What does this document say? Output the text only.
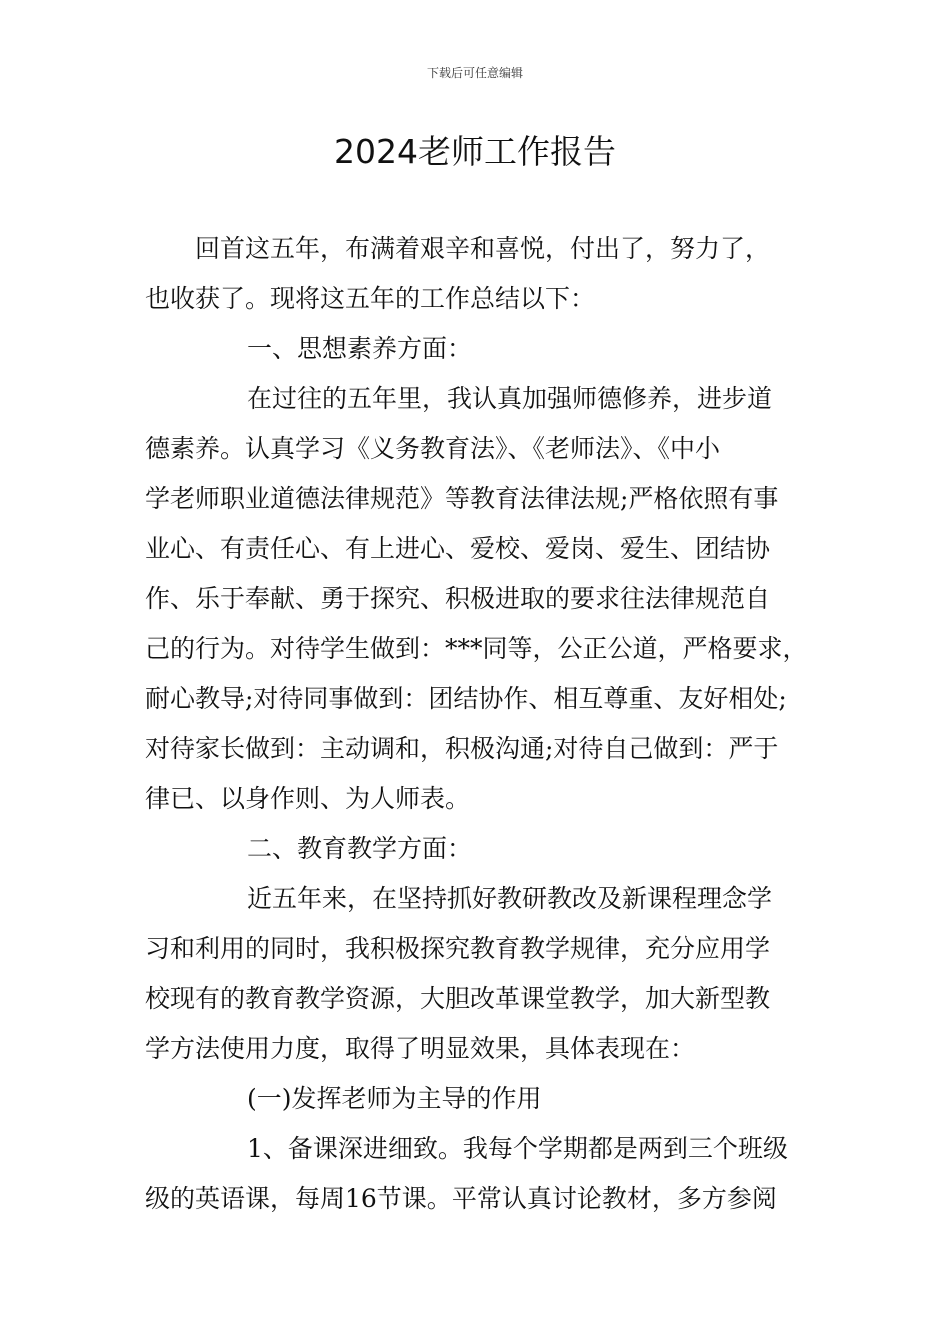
下载后可任意编辑
2024老师工作报告
回首这五年，布满着艰辛和喜悦，付出了，努力了，
也收获了。现将这五年的工作总结以下：
一、思想素养方面：
在过往的五年里，我认真加强师德修养，进步道
德素养。认真学习《义务教育法》、《老师法》、《中小
学老师职业道德法律规范》等教育法律法规;严格依照有事
业心、有责任心、有上进心、爱校、爱岗、爱生、团结协
作、乐于奉献、勇于探究、积极进取的要求往法律规范自
己的行为。对待学生做到：***同等，公正公道，严格要求，
耐心教导;对待同事做到：团结协作、相互尊重、友好相处;
对待家长做到：主动调和，积极沟通;对待自己做到：严于
律已、以身作则、为人师表。
二、教育教学方面：
近五年来，在坚持抓好教研教改及新课程理念学
习和利用的同时，我积极探究教育教学规律，充分应用学
校现有的教育教学资源，大胆改革课堂教学，加大新型教
学方法使用力度，取得了明显效果，具体表现在：
(一)发挥老师为主导的作用
1、备课深进细致。我每个学期都是两到三个班级
级的英语课，每周16节课。平常认真讨论教材，多方参阅
